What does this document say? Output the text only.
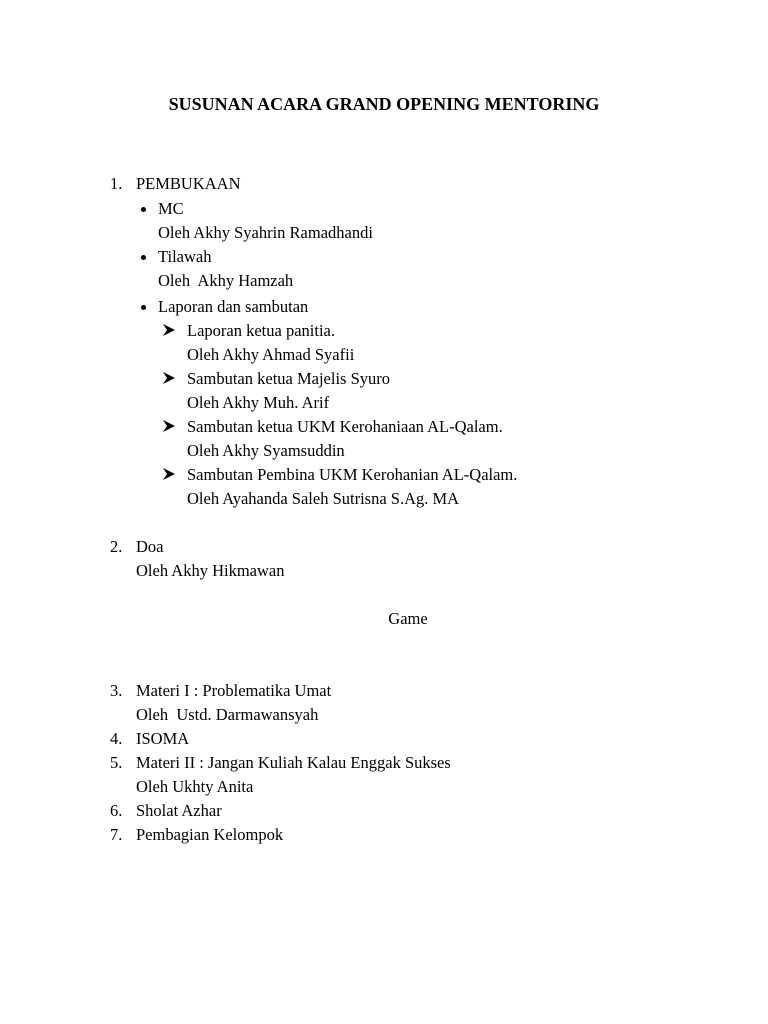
SUSUNAN ACARA GRAND OPENING MENTORING
1. PEMBUKAAN
MC
Oleh Akhy Syahrin Ramadhandi
Tilawah
Oleh  Akhy Hamzah
Laporan dan sambutan
Laporan ketua panitia.
Oleh Akhy Ahmad Syafii
Sambutan ketua Majelis Syuro
Oleh Akhy Muh. Arif
Sambutan ketua UKM Kerohaniaan AL-Qalam.
Oleh Akhy Syamsuddin
Sambutan Pembina UKM Kerohanian AL-Qalam.
Oleh Ayahanda Saleh Sutrisna S.Ag. MA
2. Doa
Oleh Akhy Hikmawan
Game
3. Materi I : Problematika Umat
Oleh  Ustd. Darmawansyah
4. ISOMA
5. Materi II : Jangan Kuliah Kalau Enggak Sukses
Oleh Ukhty Anita
6. Sholat Azhar
7. Pembagian Kelompok
